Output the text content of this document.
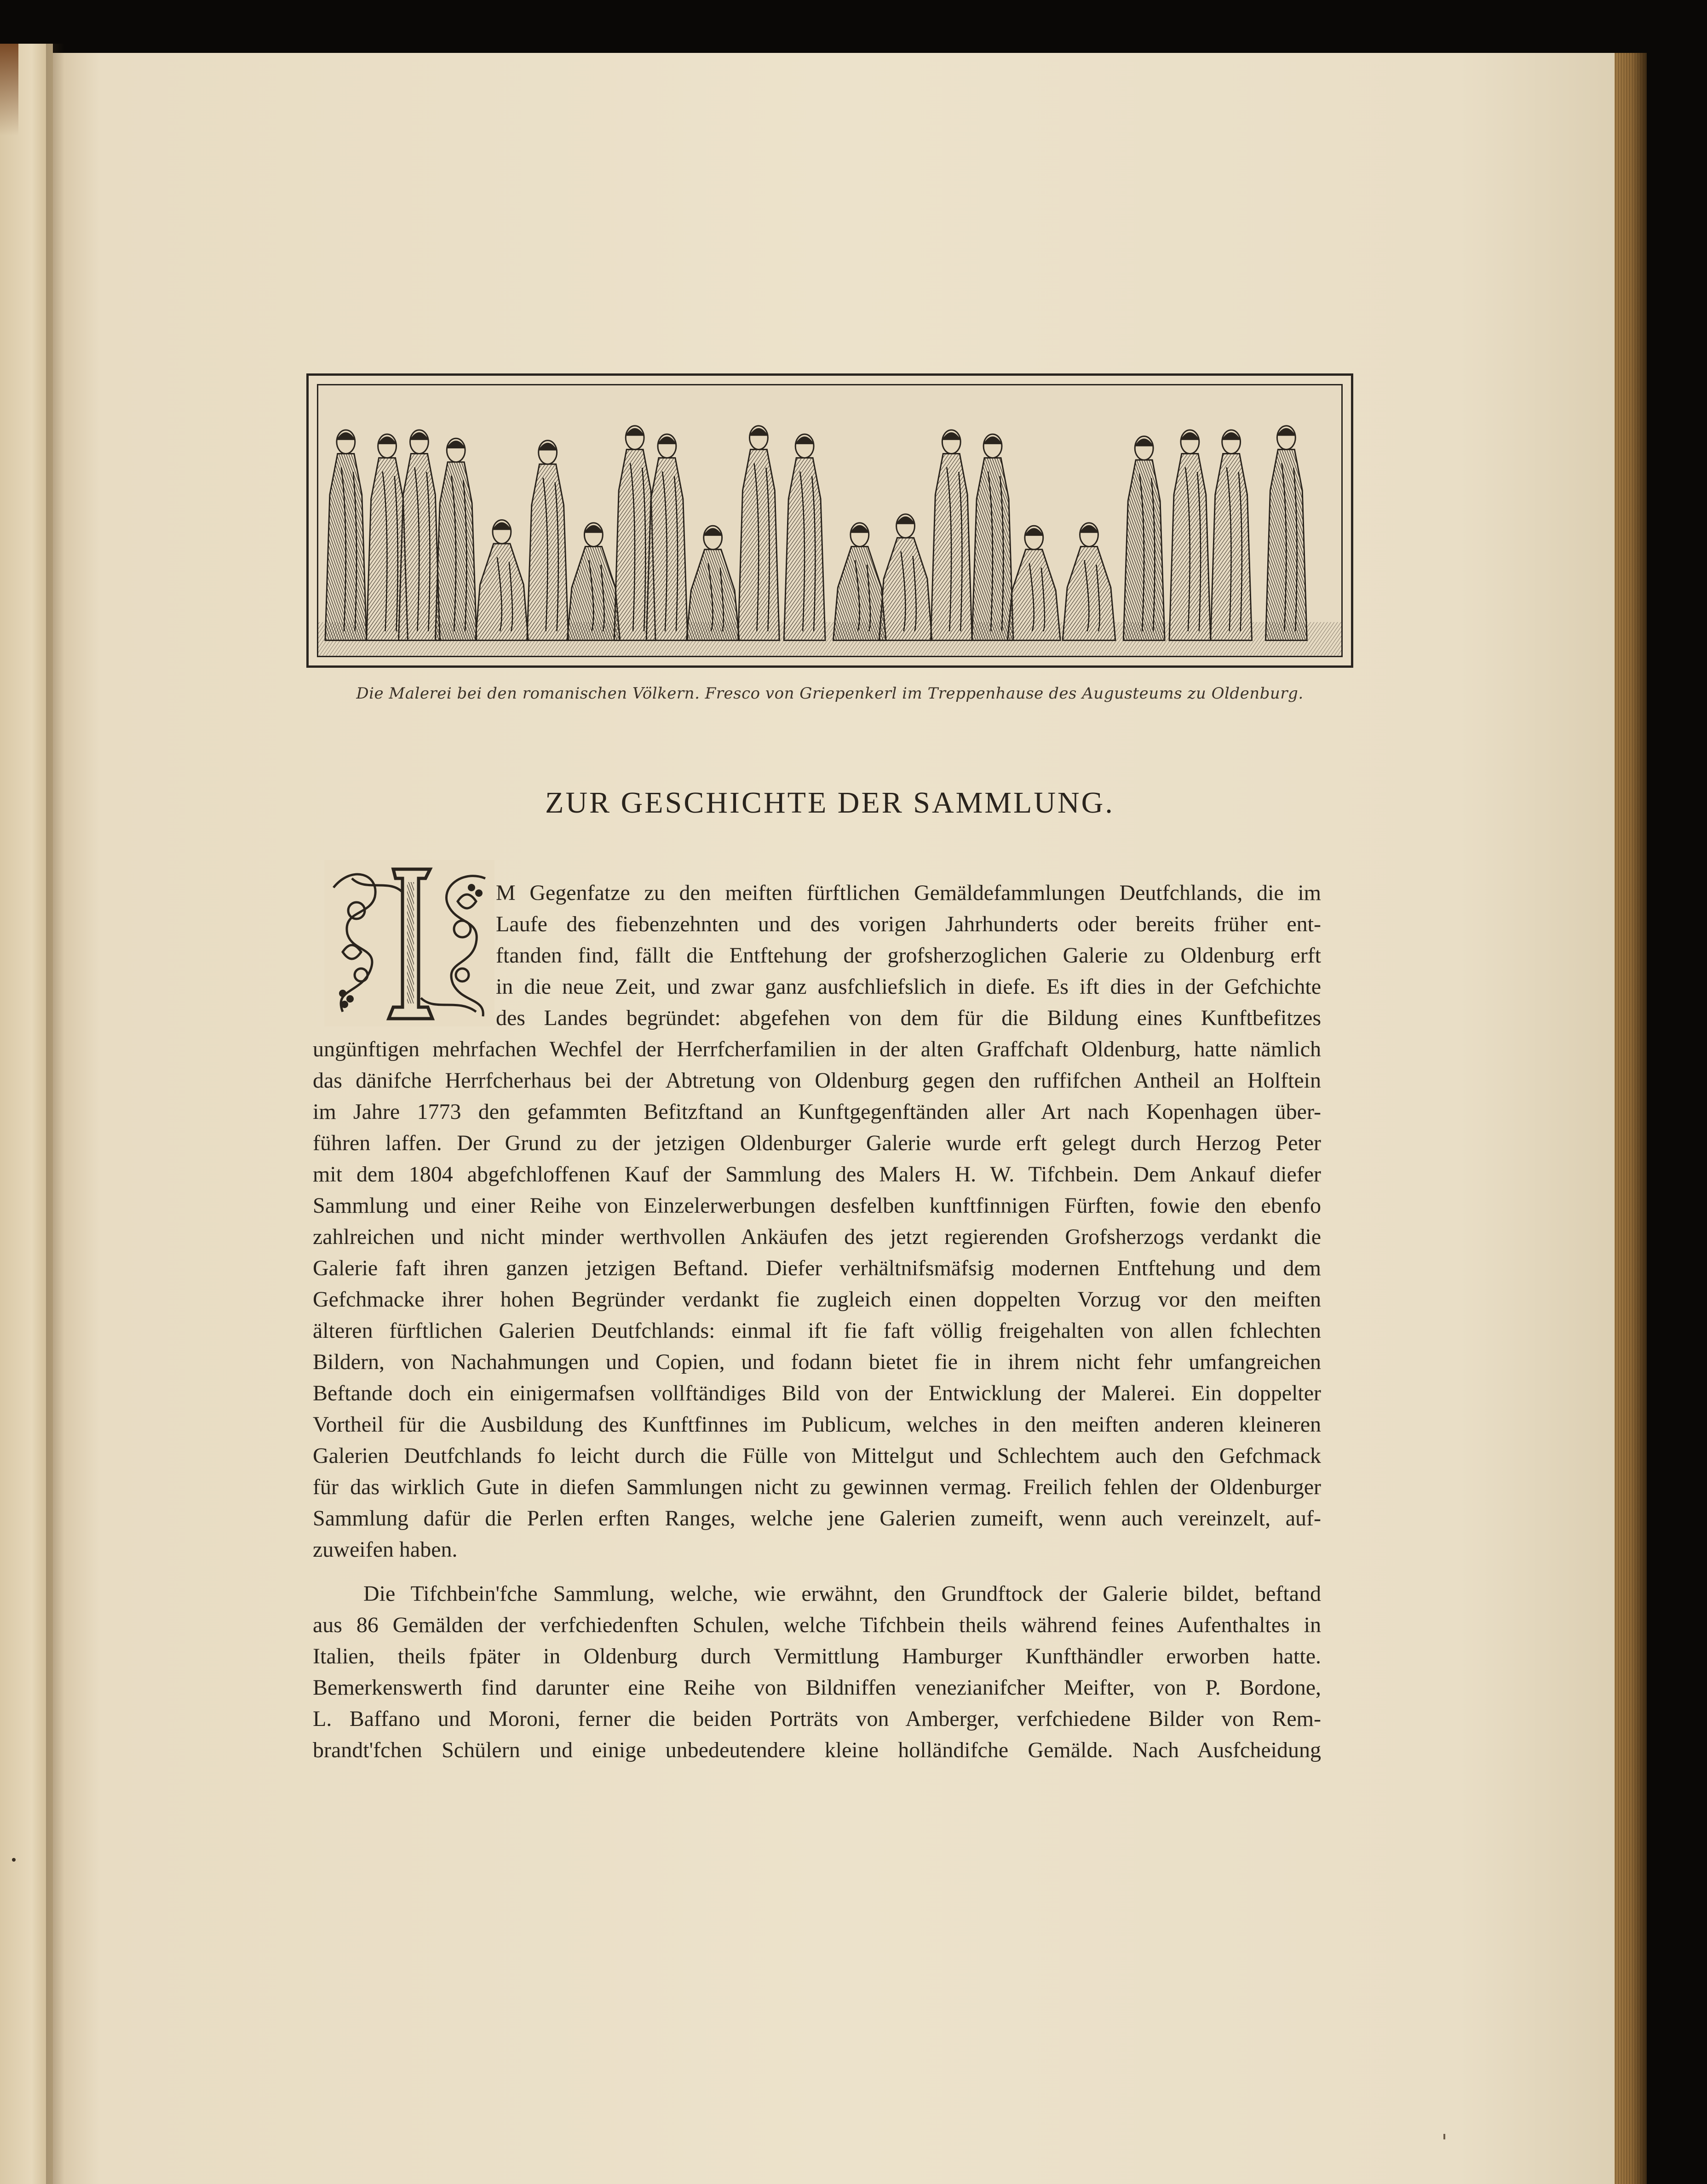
Die Malerei bei den romanischen Völkern. Fresco von Griepenkerl im Treppenhause des Augusteums zu Oldenburg.
ZUR GESCHICHTE DER SAMMLUNG.
M Gegenfatze zu den meiften fürftlichen Gemäldefammlungen Deutfchlands, die im
Laufe des fiebenzehnten und des vorigen Jahrhunderts oder bereits früher ent-
ftanden find, fällt die Entftehung der grofsherzoglichen Galerie zu Oldenburg erft
in die neue Zeit, und zwar ganz ausfchliefslich in diefe. Es ift dies in der Gefchichte
des Landes begründet: abgefehen von dem für die Bildung eines Kunftbefitzes
ungünftigen mehrfachen Wechfel der Herrfcherfamilien in der alten Graffchaft Oldenburg, hatte nämlich
das dänifche Herrfcherhaus bei der Abtretung von Oldenburg gegen den ruffifchen Antheil an Holftein
im Jahre 1773 den gefammten Befitzftand an Kunftgegenftänden aller Art nach Kopenhagen über-
führen laffen. Der Grund zu der jetzigen Oldenburger Galerie wurde erft gelegt durch Herzog Peter
mit dem 1804 abgefchloffenen Kauf der Sammlung des Malers H. W. Tifchbein. Dem Ankauf diefer
Sammlung und einer Reihe von Einzelerwerbungen desfelben kunftfinnigen Fürften, fowie den ebenfo
zahlreichen und nicht minder werthvollen Ankäufen des jetzt regierenden Grofsherzogs verdankt die
Galerie faft ihren ganzen jetzigen Beftand. Diefer verhältnifsmäfsig modernen Entftehung und dem
Gefchmacke ihrer hohen Begründer verdankt fie zugleich einen doppelten Vorzug vor den meiften
älteren fürftlichen Galerien Deutfchlands: einmal ift fie faft völlig freigehalten von allen fchlechten
Bildern, von Nachahmungen und Copien, und fodann bietet fie in ihrem nicht fehr umfangreichen
Beftande doch ein einigermafsen vollftändiges Bild von der Entwicklung der Malerei. Ein doppelter
Vortheil für die Ausbildung des Kunftfinnes im Publicum, welches in den meiften anderen kleineren
Galerien Deutfchlands fo leicht durch die Fülle von Mittelgut und Schlechtem auch den Gefchmack
für das wirklich Gute in diefen Sammlungen nicht zu gewinnen vermag. Freilich fehlen der Oldenburger
Sammlung dafür die Perlen erften Ranges, welche jene Galerien zumeift, wenn auch vereinzelt, auf-
zuweifen haben.
Die Tifchbein'fche Sammlung, welche, wie erwähnt, den Grundftock der Galerie bildet, beftand
aus 86 Gemälden der verfchiedenften Schulen, welche Tifchbein theils während feines Aufenthaltes in
Italien, theils fpäter in Oldenburg durch Vermittlung Hamburger Kunfthändler erworben hatte.
Bemerkenswerth find darunter eine Reihe von Bildniffen venezianifcher Meifter, von P. Bordone,
L. Baffano und Moroni, ferner die beiden Porträts von Amberger, verfchiedene Bilder von Rem-
brandt'fchen Schülern und einige unbedeutendere kleine holländifche Gemälde. Nach Ausfcheidung
